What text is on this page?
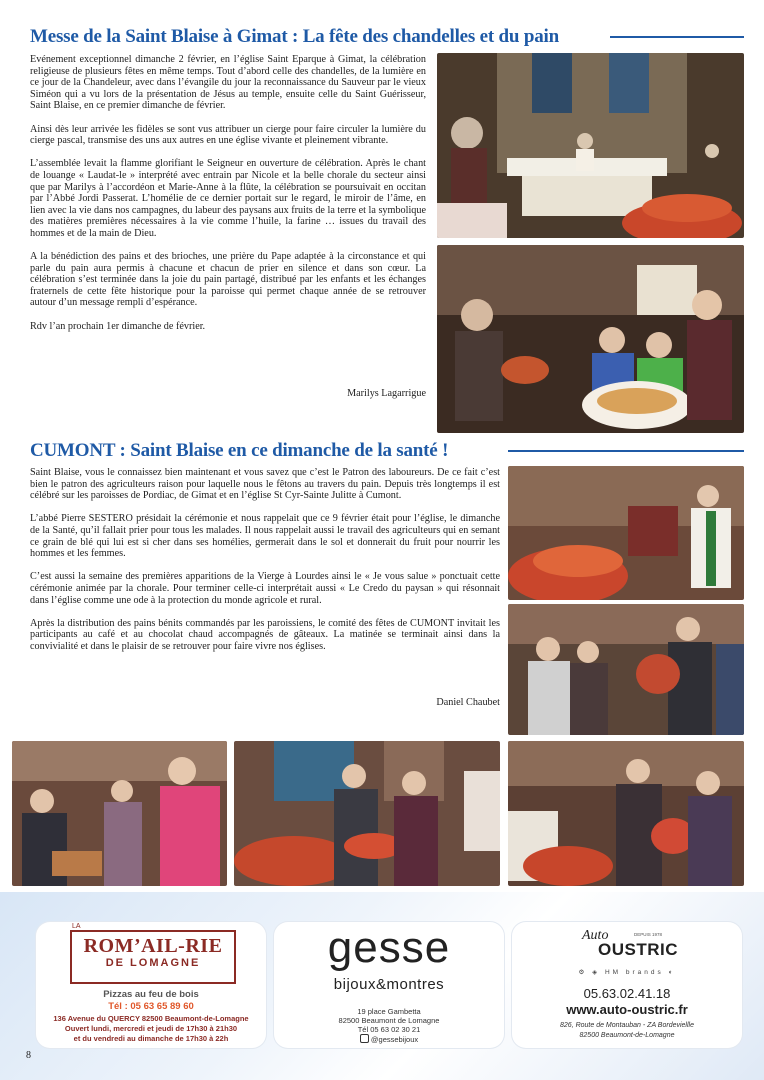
Messe de la Saint Blaise à Gimat : La fête des chandelles et du pain

Evénement exceptionnel dimanche 2 février, en l’église Saint Eparque à Gimat, la célébration religieuse de plusieurs fêtes en même temps. Tout d’abord celle des chandelles, de la lumière en ce jour de la Chandeleur, avec dans l’évangile du jour la reconnaissance du Sauveur par le vieux Siméon qui a vu lors de la présentation de Jésus au temple, ensuite celle du Saint Guérisseur, Saint Blaise, en ce premier dimanche de février.

Ainsi dès leur arrivée les fidèles se sont vus attribuer un cierge pour faire circuler la lumière du cierge pascal, transmise des uns aux autres en une église vivante et pleinement vibrante.

L’assemblée levait la flamme glorifiant le Seigneur en ouverture de célébration. Après le chant de louange « Laudat-le » interprété avec entrain par Nicole et la belle chorale du secteur ainsi que par Marilys à l’accordéon et Marie-Anne à la flûte, la célébration se poursuivait en occitan par l’Abbé Jordi Passerat. L’homélie de ce dernier portait sur le regard, le miroir de l’âme, en lien avec la vie dans nos campagnes, du labeur des paysans aux fruits de la terre et la symbolique des matières premières nécessaires à la vie comme l’huile, la farine … issues du travail des hommes et de la main de Dieu.

A la bénédiction des pains et des brioches, une prière du Pape adaptée à la circonstance et qui parle du pain aura permis à chacune et chacun de prier en silence et dans son cœur. La célébration s’est terminée dans la joie du pain partagé, distribué par les enfants et les échanges fraternels de cette fête historique pour la paroisse qui permet chaque année de se retrouver autour d’un message rempli d’espérance.

Rdv l’an prochain 1er dimanche de février.

Marilys Lagarrigue
CUMONT : Saint Blaise en ce dimanche de la santé !

Saint Blaise, vous le connaissez bien maintenant et vous savez que c’est le Patron des laboureurs. De ce fait c’est bien le patron des agriculteurs raison pour laquelle nous le fêtons au travers du pain. Depuis très longtemps il est célébré sur les paroisses de Pordiac, de Gimat et en l’église St Cyr-Sainte Julitte à Cumont.

L’abbé Pierre SESTERO présidait la cérémonie et nous rappelait que ce 9 février était pour l’église, le dimanche de la Santé, qu’il fallait prier pour tous les malades. Il nous rappelait aussi le travail des agriculteurs qui en semant ce grain de blé qui lui est si cher dans ses homélies, germerait dans le sol et donnerait du fruit pour nourrir les hommes et les femmes.

C’est aussi la semaine des premières apparitions de la Vierge à Lourdes ainsi le « Je vous salue » ponctuait cette cérémonie animée par la chorale. Pour terminer celle-ci interprétait aussi « Le Credo du paysan » qui résonnait dans l’église comme une ode à la protection du monde agricole et rural.

Après la distribution des pains bénits commandés par les paroissiens, le comité des fêtes de CUMONT invitait les participants au café et au chocolat chaud accompagnés de gâteaux. La matinée se terminait ainsi dans la convivialité et dans le plaisir de se retrouver pour faire vivre nos églises.

Daniel Chaubet
LA
ROM’AIL-RIE
DE LOMAGNE
Pizzas au feu de bois
Tél : 05 63 65 89 60
136 Avenue du QUERCY 82500 Beaumont-de-Lomagne
Ouvert lundi, mercredi et jeudi de 17h30 à 21h30
et du vendredi au dimanche de 17h30 à 22h
gesse
bijoux&montres
19 place Gambetta
82500 Beaumont de Lomagne
Tél 05 63 02 30 21
@gessebijoux
Auto	DEPUIS 1978
OUSTRIC
⚙ ◈ HM brands ◐
05.63.02.41.18
www.auto-oustric.fr
826, Route de Montauban - ZA Bordeviellle
82500 Beaumont-de-Lomagne
8
